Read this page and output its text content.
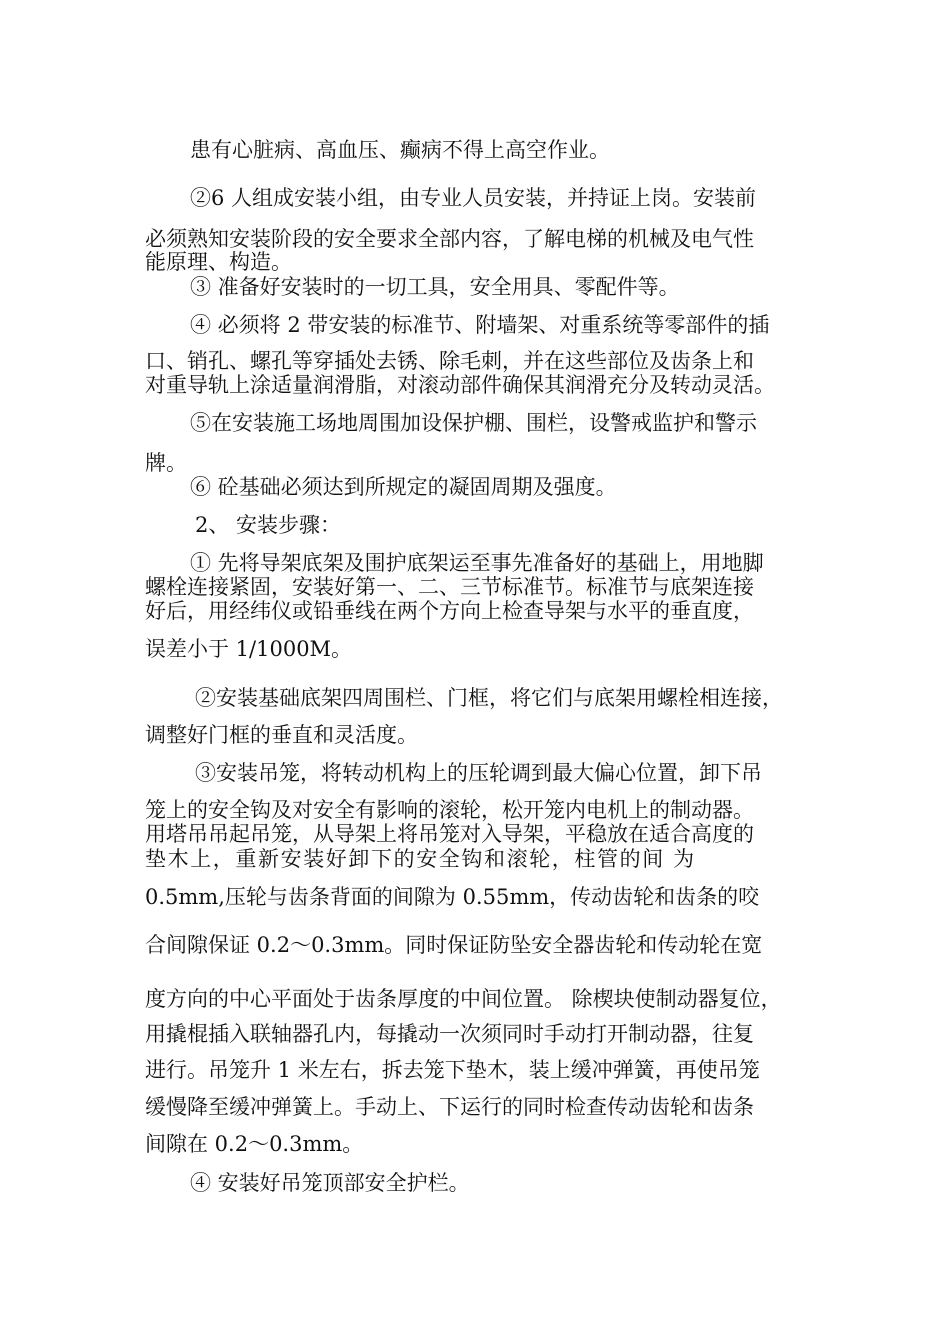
患有心脏病、高血压、癫病不得上高空作业。
②6 人组成安装小组，由专业人员安装，并持证上岗。安装前
必须熟知安装阶段的安全要求全部内容，了解电梯的机械及电气性
能原理、构造。
③ 准备好安装时的一切工具，安全用具、零配件等。
④ 必须将 2 带安装的标准节、附墙架、对重系统等零部件的插
口、销孔、螺孔等穿插处去锈、除毛刺，并在这些部位及齿条上和
对重导轨上涂适量润滑脂，对滚动部件确保其润滑充分及转动灵活。
⑤在安装施工场地周围加设保护棚、围栏，设警戒监护和警示
牌。
⑥ 砼基础必须达到所规定的凝固周期及强度。
2、 安装步骤：
① 先将导架底架及围护底架运至事先准备好的基础上，用地脚
螺栓连接紧固，安装好第一、二、三节标准节。标准节与底架连接
好后，用经纬仪或铅垂线在两个方向上检查导架与水平的垂直度，
误差小于 1/1000M。
②安装基础底架四周围栏、门框，将它们与底架用螺栓相连接，
调整好门框的垂直和灵活度。
③安装吊笼，将转动机构上的压轮调到最大偏心位置，卸下吊
笼上的安全钩及对安全有影响的滚轮，松开笼内电机上的制动器。
用塔吊吊起吊笼，从导架上将吊笼对入导架，平稳放在适合高度的
垫木上，重新安装好卸下的安全钩和滚轮，柱管的间 为
0.5mm,压轮与齿条背面的间隙为 0.55mm，传动齿轮和齿条的咬
合间隙保证 0.2～0.3mm。同时保证防坠安全器齿轮和传动轮在宽
度方向的中心平面处于齿条厚度的中间位置。 除楔块使制动器复位，
用撬棍插入联轴器孔内，每撬动一次须同时手动打开制动器，往复
进行。吊笼升 1 米左右，拆去笼下垫木，装上缓冲弹簧，再使吊笼
缓慢降至缓冲弹簧上。手动上、下运行的同时检查传动齿轮和齿条
间隙在 0.2～0.3mm。
④ 安装好吊笼顶部安全护栏。
